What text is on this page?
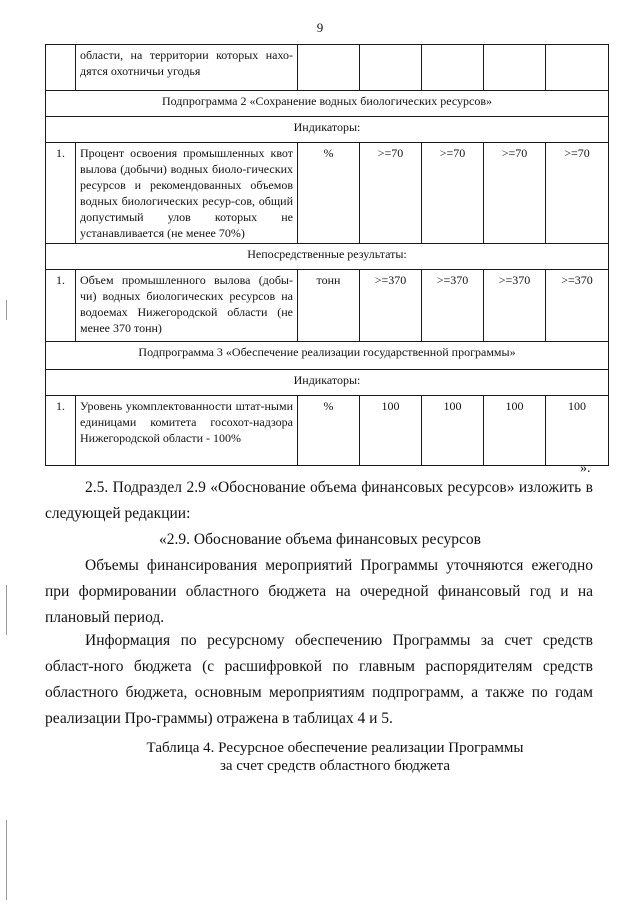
9
	области, на территории которых нахо-дятся охотничьи угодья					
Подпрограмма 2 «Сохранение водных биологических ресурсов»						
Индикаторы:						
1.	Процент освоения промышленных квот вылова (добычи) водных биоло-гических ресурсов и рекомендованных объемов водных биологических ресур-сов, общий допустимый улов которых не устанавливается (не менее 70%)	%	>=70	>=70	>=70	>=70
Непосредственные результаты:						
1.	Объем промышленного вылова (добы-чи) водных биологических ресурсов на водоемах Нижегородской области (не менее 370 тонн)	тонн	>=370	>=370	>=370	>=370
Подпрограмма 3 «Обеспечение реализации государственной программы»						
Индикаторы:						
1.	Уровень укомплектованности штат-ными единицами комитета госохот-надзора Нижегородской области - 100%	%	100	100	100	100
».
2.5. Подраздел 2.9 «Обоснование объема финансовых ресурсов» изложить в следующей редакции:
«2.9. Обоснование объема финансовых ресурсов
Объемы финансирования мероприятий Программы уточняются ежегодно при формировании областного бюджета на очередной финансовый год и на плановый период.
Информация по ресурсному обеспечению Программы за счет средств област-ного бюджета (с расшифровкой по главным распорядителям средств областного бюджета, основным мероприятиям подпрограмм, а также по годам реализации Про-граммы) отражена в таблицах 4 и 5.
Таблица 4. Ресурсное обеспечение реализации Программы
за счет средств областного бюджета
